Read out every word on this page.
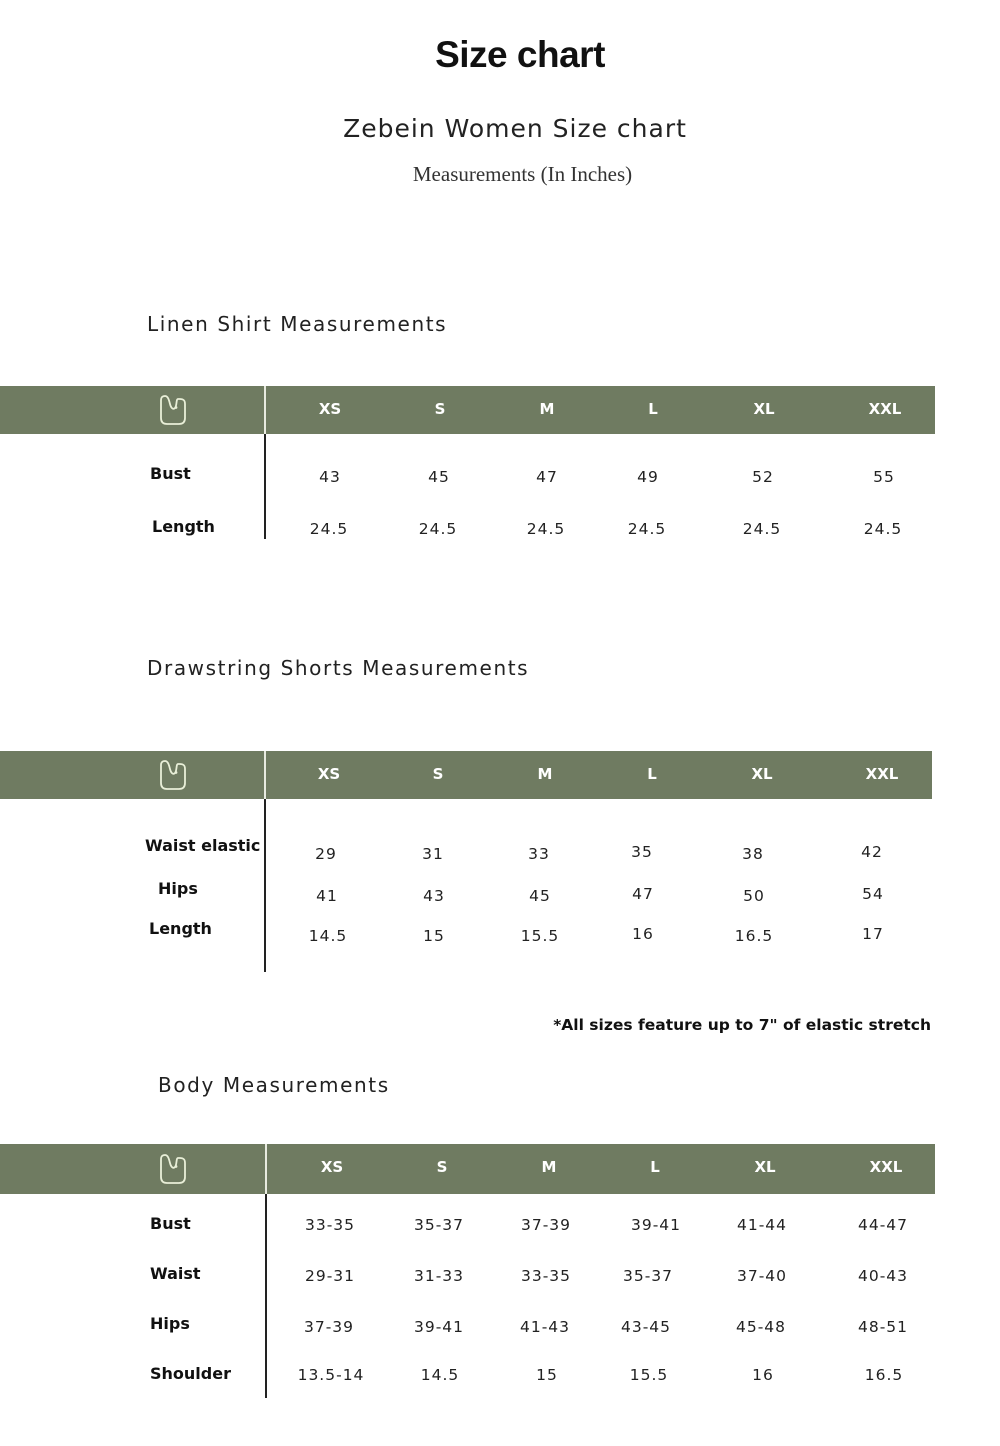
Size chart
Zebein Women Size chart
Measurements (In Inches)
Linen Shirt Measurements
XS	S	M	L	XL	XXL
Bust	43	45	47	49	52	55
Length	24.5	24.5	24.5	24.5	24.5	24.5
Drawstring Shorts Measurements
XS	S	M	L	XL	XXL
Waist elastic	29	31	33	35	38	42
Hips	41	43	45	47	50	54
Length	14.5	15	15.5	16	16.5	17
*All sizes feature up to 7" of elastic stretch
Body Measurements
XS	S	M	L	XL	XXL
Bust	33-35	35-37	37-39	39-41	41-44	44-47
Waist	29-31	31-33	33-35	35-37	37-40	40-43
Hips	37-39	39-41	41-43	43-45	45-48	48-51
Shoulder	13.5-14	14.5	15	15.5	16	16.5
